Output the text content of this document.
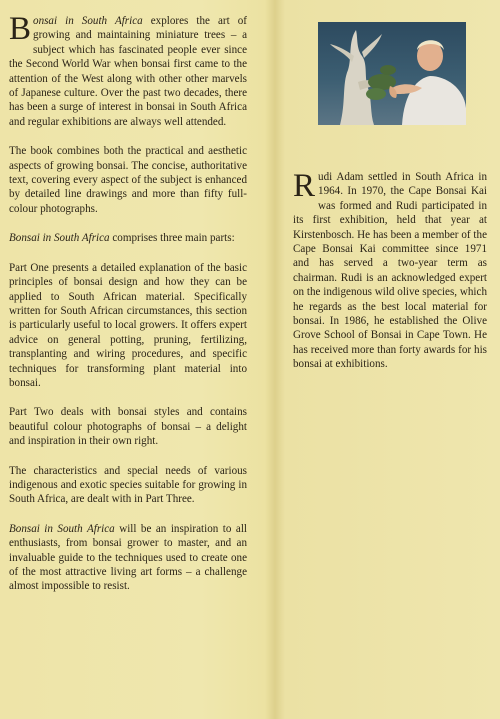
Bonsai in South Africa explores the art of growing and maintaining miniature trees – a subject which has fascinated people ever since the Second World War when bonsai first came to the attention of the West along with other other marvels of Japanese culture. Over the past two decades, there has been a surge of interest in bonsai in South Africa and regular exhibitions are always well attended.

The book combines both the practical and aesthetic aspects of growing bonsai. The concise, authoritative text, covering every aspect of the subject is enhanced by detailed line drawings and more than fifty full-colour photographs.

Bonsai in South Africa comprises three main parts:

Part One presents a detailed explanation of the basic principles of bonsai design and how they can be applied to South African material. Specifically written for South African circumstances, this section is particularly useful to local growers. It offers expert advice on general potting, pruning, fertilizing, transplanting and wiring procedures, and specific techniques for transforming plant material into bonsai.

Part Two deals with bonsai styles and contains beautiful colour photographs of bonsai – a delight and inspiration in their own right.

The characteristics and special needs of various indigenous and exotic species suitable for growing in South Africa, are dealt with in Part Three.

Bonsai in South Africa will be an inspiration to all enthusiasts, from bonsai grower to master, and an invaluable guide to the techniques used to create one of the most attractive living art forms – a challenge almost impossible to resist.

Rudi Adam settled in South Africa in 1964. In 1970, the Cape Bonsai Kai was formed and Rudi participated in its first exhibition, held that year at Kirstenbosch. He has been a member of the Cape Bonsai Kai committee since 1971 and has served a two-year term as chairman. Rudi is an acknowledged expert on the indigenous wild olive species, which he regards as the best local material for bonsai. In 1986, he established the Olive Grove School of Bonsai in Cape Town. He has received more than forty awards for his bonsai at exhibitions.
